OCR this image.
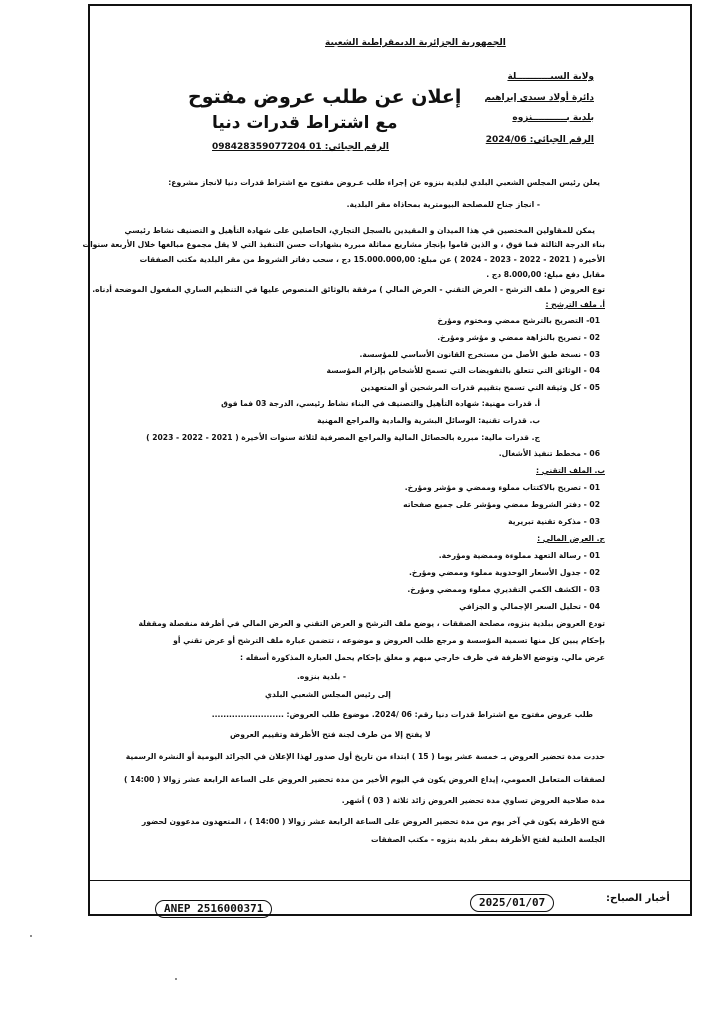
الجمهورية الجزائرية الديمقراطية الشعبية
ولاية السيـــــــــــلة
دائرة أولاد سيدي إبراهيم
بلدية بـــــــــــنزوه
الرقم الجبائي: 2024/06
إعلان عن طلب عروض مفتوح
مع اشتراط قدرات دنيا
الرقم الجبائي: 01 098428359077204
يعلن رئيس المجلس الشعبي البلدي لبلدية بنزوه عن إجراء طلب عـروض مفتوح مع اشتراط قدرات دنيا لانجاز مشروع:
- انجاز جناح للمصلحة البيومترية بمحاذاة مقر البلدية.
يمكن للمقاولين المختصين في هذا الميدان و المقيدين بالسجل التجاري، الحاصلين على شهادة التأهيل و التصنيف نشاط رئيسي
بناء الدرجة الثالثة فما فوق ، و الذين قاموا بإنجاز مشاريع مماثلة مبررة بشهادات حسن التنفيذ التي لا يقل مجموع مبالغها خلال الأربعة سنوات
الأخيرة ( 2021 - 2022 - 2023 - 2024 ) عن مبلغ: 15.000.000,00 دج ، سحب دفاتر الشروط من مقر البلدية مكتب الصفقات
مقابل دفع مبلغ: 8.000,00 دج .
توع العروض ( ملف الترشح - العرض التقني - العرض المالي ) مرفقة بالوثائق المنصوص عليها في التنظيم الساري المفعول الموضحة أدناه.
أ. ملف الترشح :
01- التصريح بالترشح ممضي ومختوم ومؤرخ
02 - تصريح بالنزاهة ممضي و مؤشر ومؤرخ.
03 - نسخة طبق الأصل من مستخرج القانون الأساسي للمؤسسة.
04 - الوثائق التي تتعلق بالتفويضات التي تسمح للأشخاص بإلزام المؤسسة
05 - كل وثيقة التي تسمح بتقييم قدرات المرشحين أو المتعهدين
أ. قدرات مهنية: شهادة التأهيل والتصنيف في البناء نشاط رئيسي، الدرجة 03 فما فوق
ب. قدرات تقنية: الوسائل البشرية والمادية والمراجع المهنية
ج. قدرات مالية: مبررة بالحصائل المالية والمراجع المصرفية لثلاثة سنوات الأخيرة ( 2021 - 2022 - 2023 )
06 - مخطط تنفيذ الأشغال.
ب. الملف التقني :
01 - تصريح بالاكتتاب مملوء وممضي و مؤشر ومؤرخ.
02 - دفتر الشروط ممضي ومؤشر على جميع صفحاته
03 - مذكرة تقنية تبريرية
ج. العرض المالي :
01 - رسالة التعهد مملوءة وممضية ومؤرخة.
02 - جدول الأسعار الوحدوية مملوء وممضي ومؤرخ.
03 - الكشف الكمي التقديري مملوء وممضي ومؤرخ.
04 - تحليل السعر الإجمالي و الجزافي
تودع العروض ببلدية بنزوه، مصلحة الصفقات ، يوضع ملف الترشح و العرض التقني و العرض المالي في أظرفة منفصلة ومقفلة
بإحكام يبين كل منها تسمية المؤسسة و مرجع طلب العروض و موضوعه ، تتضمن عبارة ملف الترشح أو عرض تقني أو
عرض مالي. وتوضع الاظرفة في ظرف خارجي مبهم و مغلق بإحكام يحمل العبارة المذكورة أسفله :
- بلدية بنزوه.
إلى رئيس المجلس الشعبي البلدي
طلب عروض مفتوح مع اشتراط قدرات دنيا رقم: 06 /2024. موضوع طلب العروض: .........................
لا يفتح إلا من طرف لجنة فتح الأظرفة وتقييم العروض
حددت مدة تحضير العروض بـ خمسة عشر يوما ( 15 ) ابتداء من تاريخ أول صدور لهذا الإعلان في الجرائد اليومية أو النشرة الرسمية
لصفقات المتعامل العمومي، إيداع العروض يكون في اليوم الأخير من مدة تحضير العروض على الساعة الرابعة عشر زوالا ( 14:00 )
مدة صلاحية العروض تساوي مدة تحضير العروض زائد ثلاثة ( 03 ) أشهر.
فتح الاظرفة يكون في آخر يوم من مدة تحضير العروض على الساعة الرابعة عشر زوالا ( 14:00 ) ، المتعهدون مدعوون لحضور
الجلسة العلنية لفتح الأظرفة بمقر بلدية بنزوه - مكتب الصفقات
ANEP 2516000371	2025/01/07	أخبار الصباح:
